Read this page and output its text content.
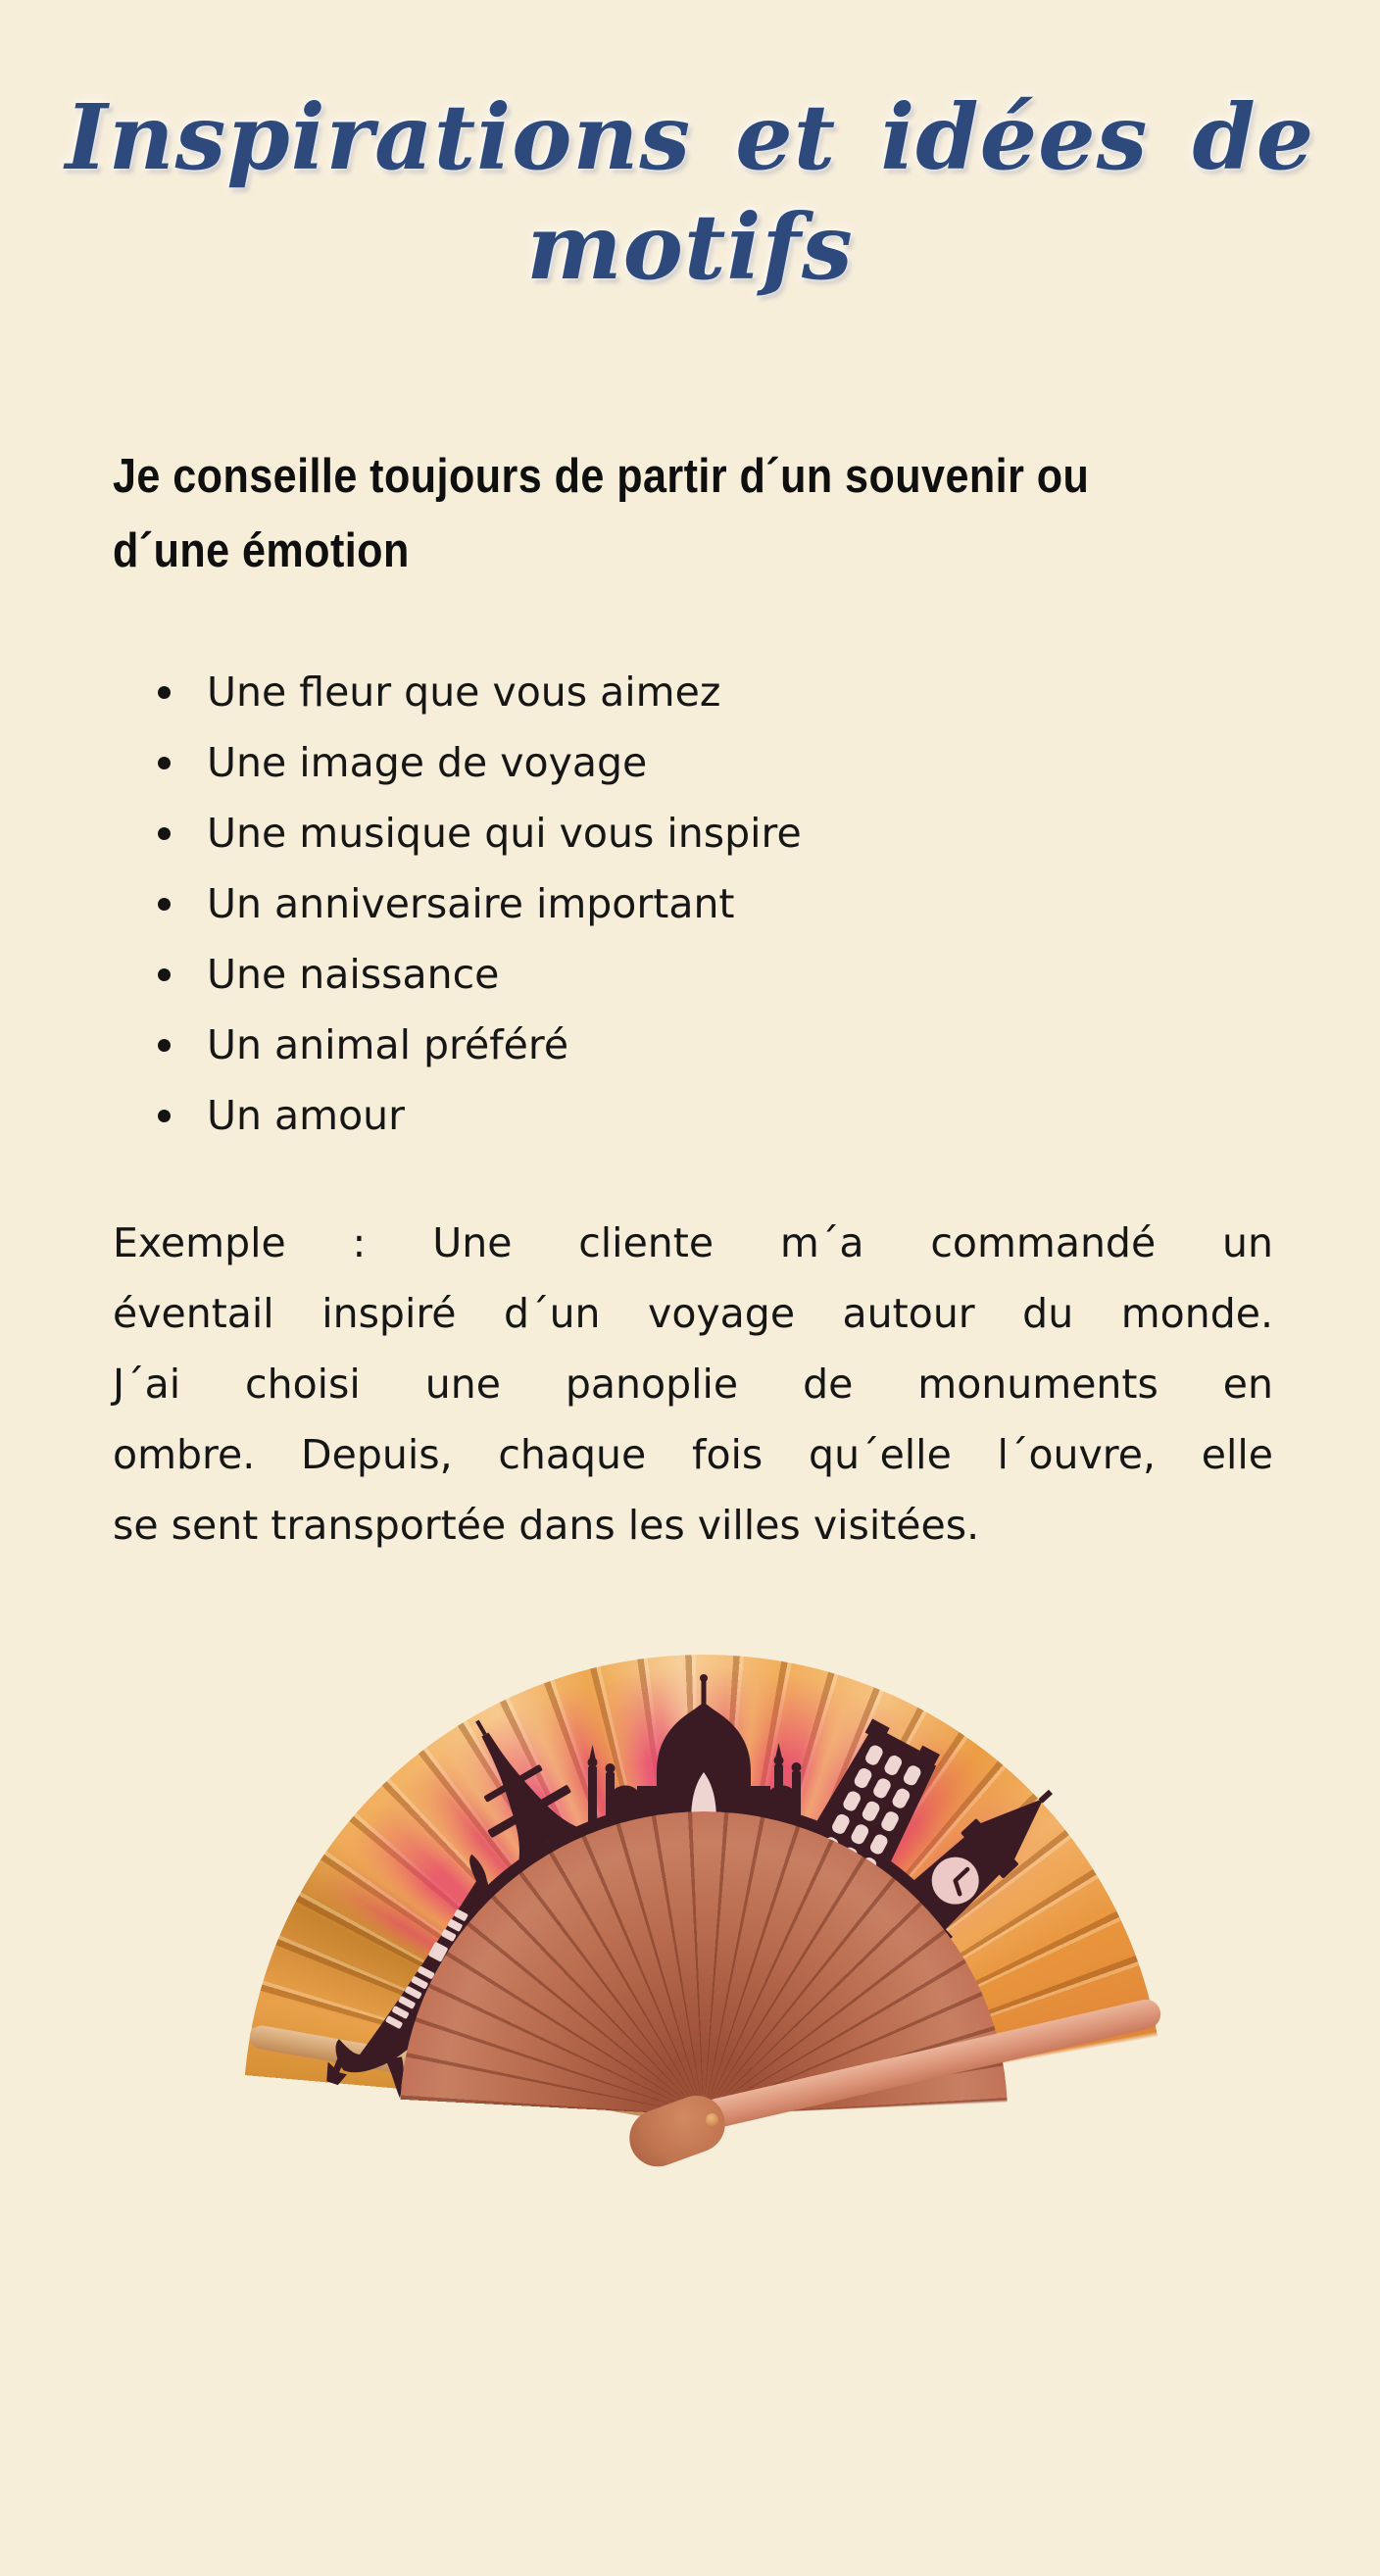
Inspirations et idées de
motifs
Je conseille toujours de partir d´un souvenir ou
d´une émotion
Une fleur que vous aimez
Une image de voyage
Une musique qui vous inspire
Un anniversaire important
Une naissance
Un animal préféré
Un amour
Exemple : Une cliente m´a commandé un
éventail inspiré d´un voyage autour du monde.
J´ai choisi une panoplie de monuments en
ombre. Depuis, chaque fois qu´elle l´ouvre, elle
se sent transportée dans les villes visitées.
